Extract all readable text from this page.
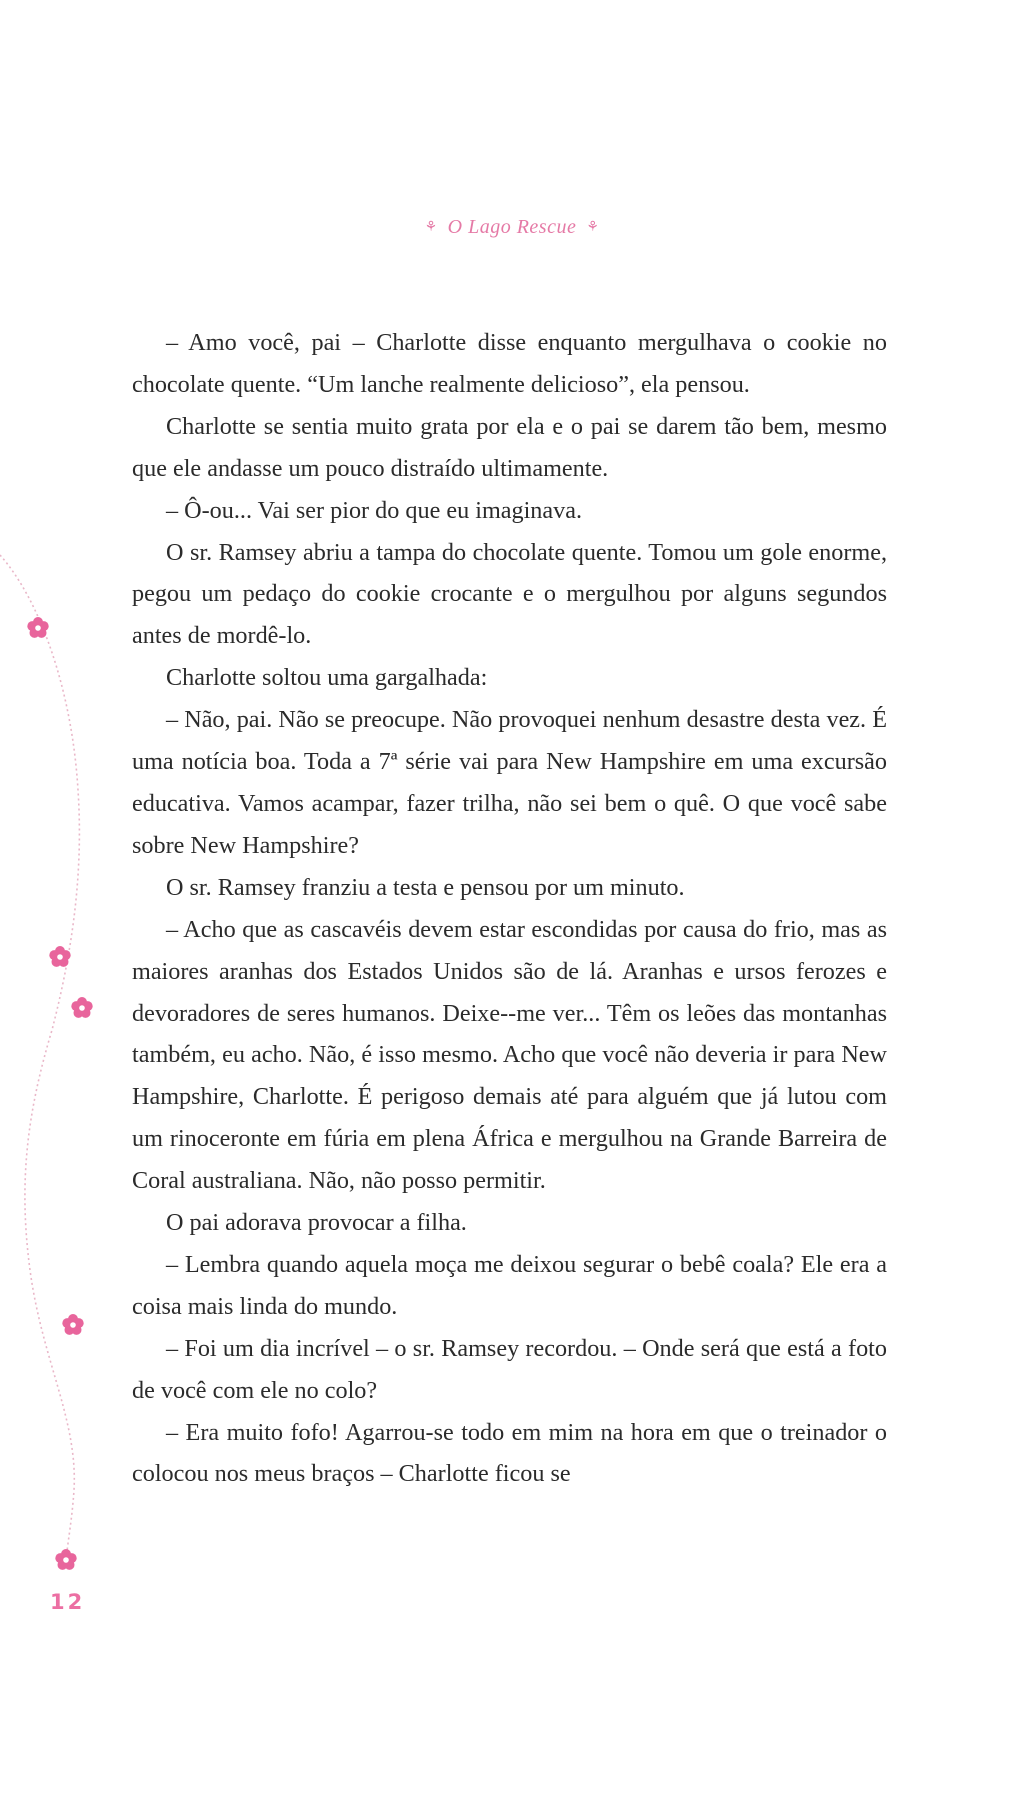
⚘ O Lago Rescue ⚘

– Amo você, pai – Charlotte disse enquanto mergulhava o cookie no chocolate quente. “Um lanche realmente delicioso”, ela pensou.

Charlotte se sentia muito grata por ela e o pai se darem tão bem, mesmo que ele andasse um pouco distraído ultimamente.

– Ô-ou... Vai ser pior do que eu imaginava.

O sr. Ramsey abriu a tampa do chocolate quente. Tomou um gole enorme, pegou um pedaço do cookie crocante e o mergulhou por alguns segundos antes de mordê-lo.

Charlotte soltou uma gargalhada:

– Não, pai. Não se preocupe. Não provoquei nenhum desastre desta vez. É uma notícia boa. Toda a 7ª série vai para New Hampshire em uma excursão educativa. Vamos acampar, fazer trilha, não sei bem o quê. O que você sabe sobre New Hampshire?

O sr. Ramsey franziu a testa e pensou por um minuto.

– Acho que as cascavéis devem estar escondidas por causa do frio, mas as maiores aranhas dos Estados Unidos são de lá. Aranhas e ursos ferozes e devoradores de seres humanos. Deixe--me ver... Têm os leões das montanhas também, eu acho. Não, é isso mesmo. Acho que você não deveria ir para New Hampshire, Charlotte. É perigoso demais até para alguém que já lutou com um rinoceronte em fúria em plena África e mergulhou na Grande Barreira de Coral australiana. Não, não posso permitir.

O pai adorava provocar a filha.

– Lembra quando aquela moça me deixou segurar o bebê coala? Ele era a coisa mais linda do mundo.

– Foi um dia incrível – o sr. Ramsey recordou. – Onde será que está a foto de você com ele no colo?

– Era muito fofo! Agarrou-se todo em mim na hora em que o treinador o colocou nos meus braços – Charlotte ficou se

12
